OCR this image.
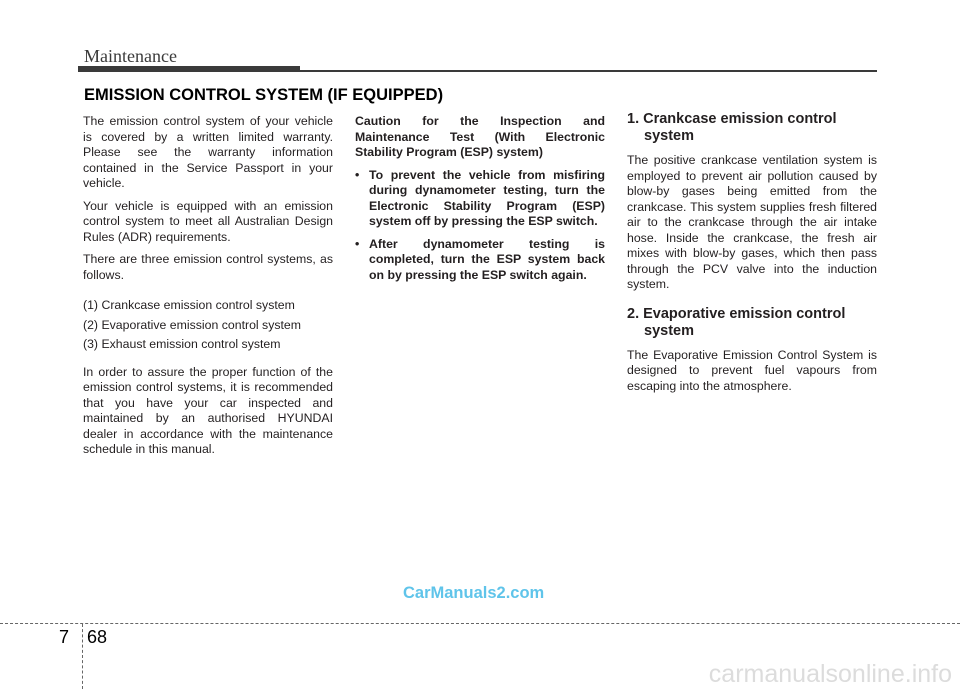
Maintenance
EMISSION CONTROL SYSTEM (IF EQUIPPED)

The emission control system of your vehicle is covered by a written limited warranty. Please see the warranty information contained in the Service Passport in your vehicle.

Your vehicle is equipped with an emission control system to meet all Australian Design Rules (ADR) requirements.

There are three emission control systems, as follows.

(1) Crankcase emission control system

(2) Evaporative emission control system

(3) Exhaust emission control system

In order to assure the proper function of the emission control systems, it is recommended that you have your car inspected and maintained by an authorised HYUNDAI dealer in accordance with the maintenance schedule in this manual.

Caution for the Inspection and Maintenance Test (With Electronic Stability Program (ESP) system)

• To prevent the vehicle from misfiring during dynamometer testing, turn the Electronic Stability Program (ESP) system off by pressing the ESP switch.

• After dynamometer testing is completed, turn the ESP system back on by pressing the ESP switch again.

1. Crankcase emission control system

The positive crankcase ventilation system is employed to prevent air pollution caused by blow-by gases being emitted from the crankcase. This system supplies fresh filtered air to the crankcase through the air intake hose. Inside the crankcase, the fresh air mixes with blow-by gases, which then pass through the PCV valve into the induction system.

2. Evaporative emission control system

The Evaporative Emission Control System is designed to prevent fuel vapours from escaping into the atmosphere.

CarManuals2.com
7 68
carmanualsonline.info
